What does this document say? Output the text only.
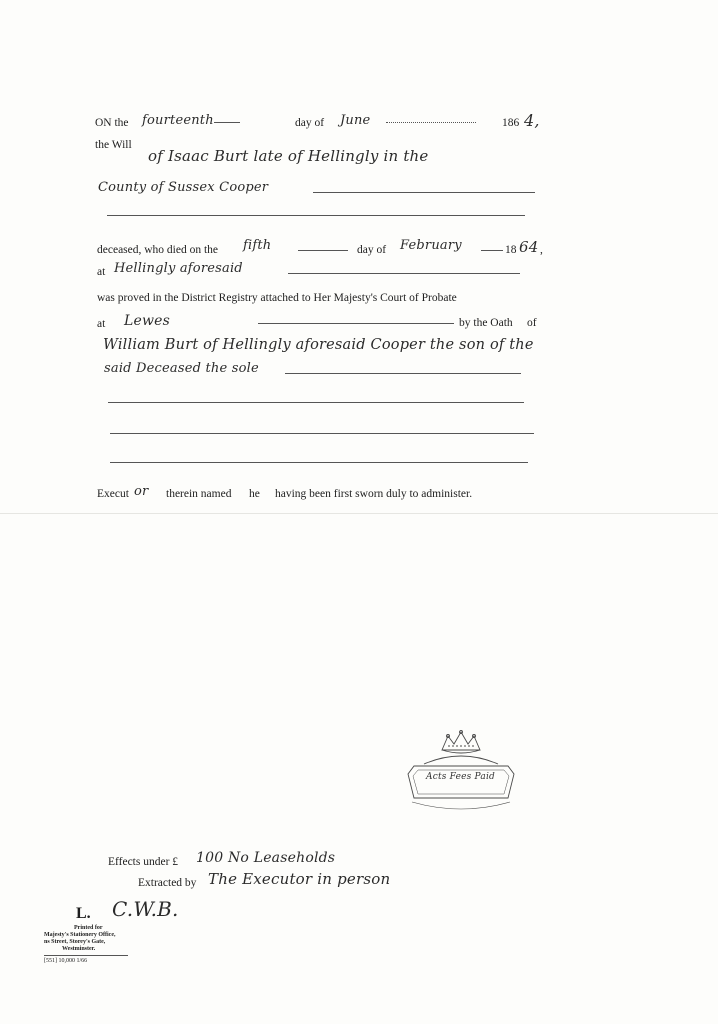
ON the fourteenth	day of June	186 4,
the Will
of Isaac Burt late of Hellingly in the
County of Sussex Cooper
deceased, who died on the fifth	day of February	18 64 ,
at Hellingly aforesaid
was proved in the District Registry attached to Her Majesty's Court of Probate
at Lewes	by the Oath of
William Burt of Hellingly aforesaid Cooper the son of the
said Deceased the sole
Execut or therein named he having been first sworn duly to administer.
Acts Fees Paid
Effects under £ 100 No Leaseholds
Extracted by The Executor in person
L. C.W.B.
Printed for
Majesty's Stationery Office,
ns Street, Storey's Gate,
Westminster.
[551] 10,000 1/66
